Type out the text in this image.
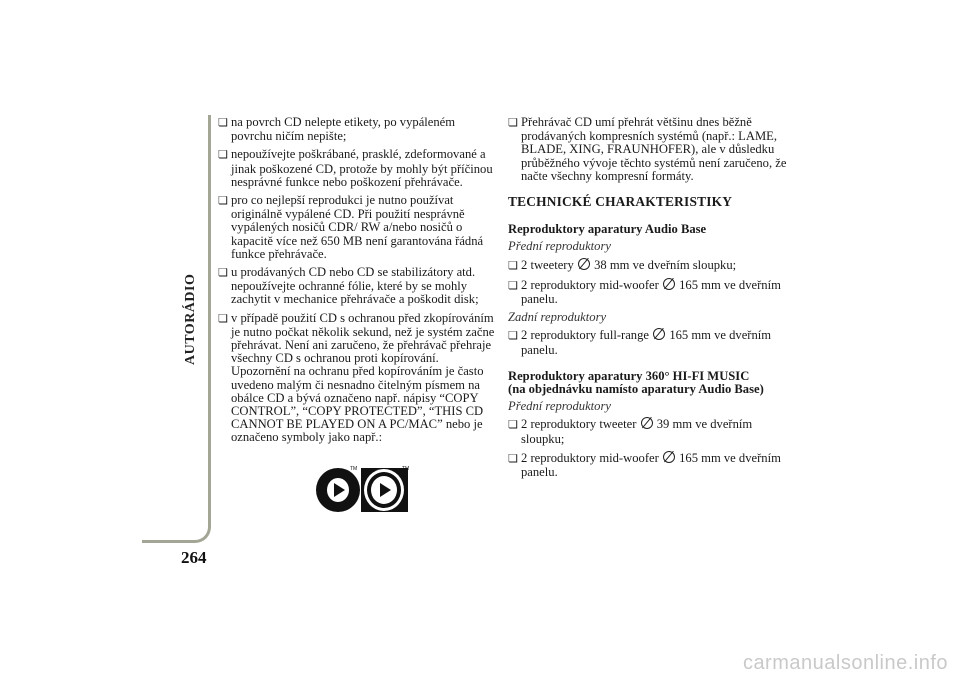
AUTORÁDIO
264

❏ na povrch CD nelepte etikety, po vypáleném povrchu ničím nepište;

❏ nepoužívejte poškrábané, prasklé, zdeformované a jinak poškozené CD, protože by mohly být příčinou nesprávné funkce nebo poškození přehrávače.

❏ pro co nejlepší reprodukci je nutno používat originálně vypálené CD. Při použití nesprávně vypálených nosičů CDR/ RW a/nebo nosičů o kapacitě více než 650 MB není garantována řádná funkce přehrávače.

❏ u prodávaných CD nebo CD se stabilizátory atd. nepoužívejte ochranné fólie, které by se mohly zachytit v mechanice přehrávače a poškodit disk;

❏ v případě použití CD s ochranou před zkopírováním je nutno počkat několik sekund, než je systém začne přehrávat. Není ani zaručeno, že přehrávač přehraje všechny CD s ochranou proti kopírování. Upozornění na ochranu před kopírováním je často uvedeno malým či nesnadno čitelným písmem na obálce CD a bývá označeno např. nápisy “COPY CONTROL”, “COPY PROTECTED”, “THIS CD CANNOT BE PLAYED ON A PC/MAC” nebo je označeno symboly jako např.:

TM	TM

❏ Přehrávač CD umí přehrát většinu dnes běžně prodávaných kompresních systémů (např.: LAME, BLADE, XING, FRAUNHOFER), ale v důsledku průběžného vývoje těchto systémů není zaručeno, že načte všechny kompresní formáty.

TECHNICKÉ CHARAKTERISTIKY
Reproduktory aparatury Audio Base
Přední reproduktory

❏ 2 tweetery 38 mm ve dveřním sloupku;

❏ 2 reproduktory mid-woofer 165 mm ve dveřním panelu.

Zadní reproduktory

❏ 2 reproduktory full-range 165 mm ve dveřním panelu.

Reproduktory aparatury 360° HI-FI MUSIC
(na objednávku namísto aparatury Audio Base)
Přední reproduktory

❏ 2 reproduktory tweeter 39 mm ve dveřním sloupku;

❏ 2 reproduktory mid-woofer 165 mm ve dveřním panelu.

carmanualsonline.info
